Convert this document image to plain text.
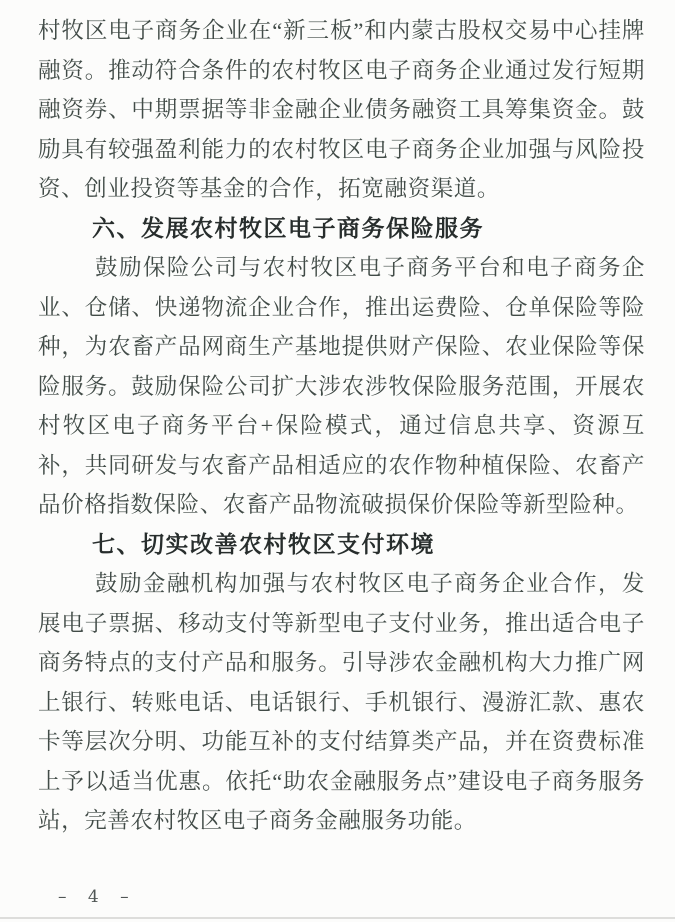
村牧区电子商务企业在“新三板”和内蒙古股权交易中心挂牌融资。推动符合条件的农村牧区电子商务企业通过发行短期融资券、中期票据等非金融企业债务融资工具筹集资金。鼓励具有较强盈利能力的农村牧区电子商务企业加强与风险投资、创业投资等基金的合作，拓宽融资渠道。

六、发展农村牧区电子商务保险服务

鼓励保险公司与农村牧区电子商务平台和电子商务企业、仓储、快递物流企业合作，推出运费险、仓单保险等险种，为农畜产品网商生产基地提供财产保险、农业保险等保险服务。鼓励保险公司扩大涉农涉牧保险服务范围，开展农村牧区电子商务平台+保险模式，通过信息共享、资源互补，共同研发与农畜产品相适应的农作物种植保险、农畜产品价格指数保险、农畜产品物流破损保价保险等新型险种。

七、切实改善农村牧区支付环境

鼓励金融机构加强与农村牧区电子商务企业合作，发展电子票据、移动支付等新型电子支付业务，推出适合电子商务特点的支付产品和服务。引导涉农金融机构大力推广网上银行、转账电话、电话银行、手机银行、漫游汇款、惠农卡等层次分明、功能互补的支付结算类产品，并在资费标准上予以适当优惠。依托“助农金融服务点”建设电子商务服务站，完善农村牧区电子商务金融服务功能。

– 4 –
